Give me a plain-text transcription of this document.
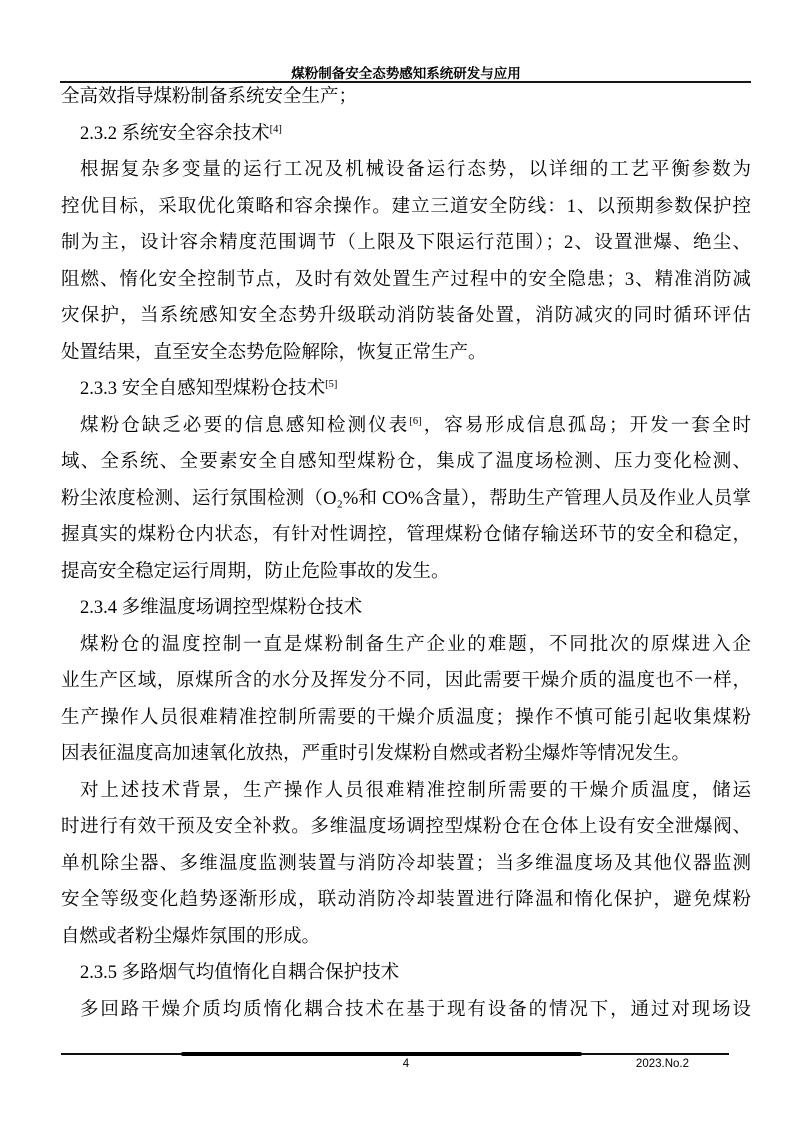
煤粉制备安全态势感知系统研发与应用
全高效指导煤粉制备系统安全生产；
2.3.2 系统安全容余技术[4]
根据复杂多变量的运行工况及机械设备运行态势，以详细的工艺平衡参数为
控优目标，采取优化策略和容余操作。建立三道安全防线：1、以预期参数保护控
制为主，设计容余精度范围调节（上限及下限运行范围）；2、设置泄爆、绝尘、
阻燃、惰化安全控制节点，及时有效处置生产过程中的安全隐患；3、精准消防减
灾保护，当系统感知安全态势升级联动消防装备处置，消防减灾的同时循环评估
处置结果，直至安全态势危险解除，恢复正常生产。
2.3.3 安全自感知型煤粉仓技术[5]
煤粉仓缺乏必要的信息感知检测仪表[6]，容易形成信息孤岛；开发一套全时
域、全系统、全要素安全自感知型煤粉仓，集成了温度场检测、压力变化检测、
粉尘浓度检测、运行氛围检测（O₂%和 CO%含量），帮助生产管理人员及作业人员掌
握真实的煤粉仓内状态，有针对性调控，管理煤粉仓储存输送环节的安全和稳定，
提高安全稳定运行周期，防止危险事故的发生。
2.3.4 多维温度场调控型煤粉仓技术
煤粉仓的温度控制一直是煤粉制备生产企业的难题，不同批次的原煤进入企
业生产区域，原煤所含的水分及挥发分不同，因此需要干燥介质的温度也不一样，
生产操作人员很难精准控制所需要的干燥介质温度；操作不慎可能引起收集煤粉
因表征温度高加速氧化放热，严重时引发煤粉自燃或者粉尘爆炸等情况发生。
对上述技术背景，生产操作人员很难精准控制所需要的干燥介质温度，储运
时进行有效干预及安全补救。多维温度场调控型煤粉仓在仓体上设有安全泄爆阀、
单机除尘器、多维温度监测装置与消防冷却装置；当多维温度场及其他仪器监测
安全等级变化趋势逐渐形成，联动消防冷却装置进行降温和惰化保护，避免煤粉
自燃或者粉尘爆炸氛围的形成。
2.3.5 多路烟气均值惰化自耦合保护技术
多回路干燥介质均质惰化耦合技术在基于现有设备的情况下，通过对现场设
4	2023.No.2
